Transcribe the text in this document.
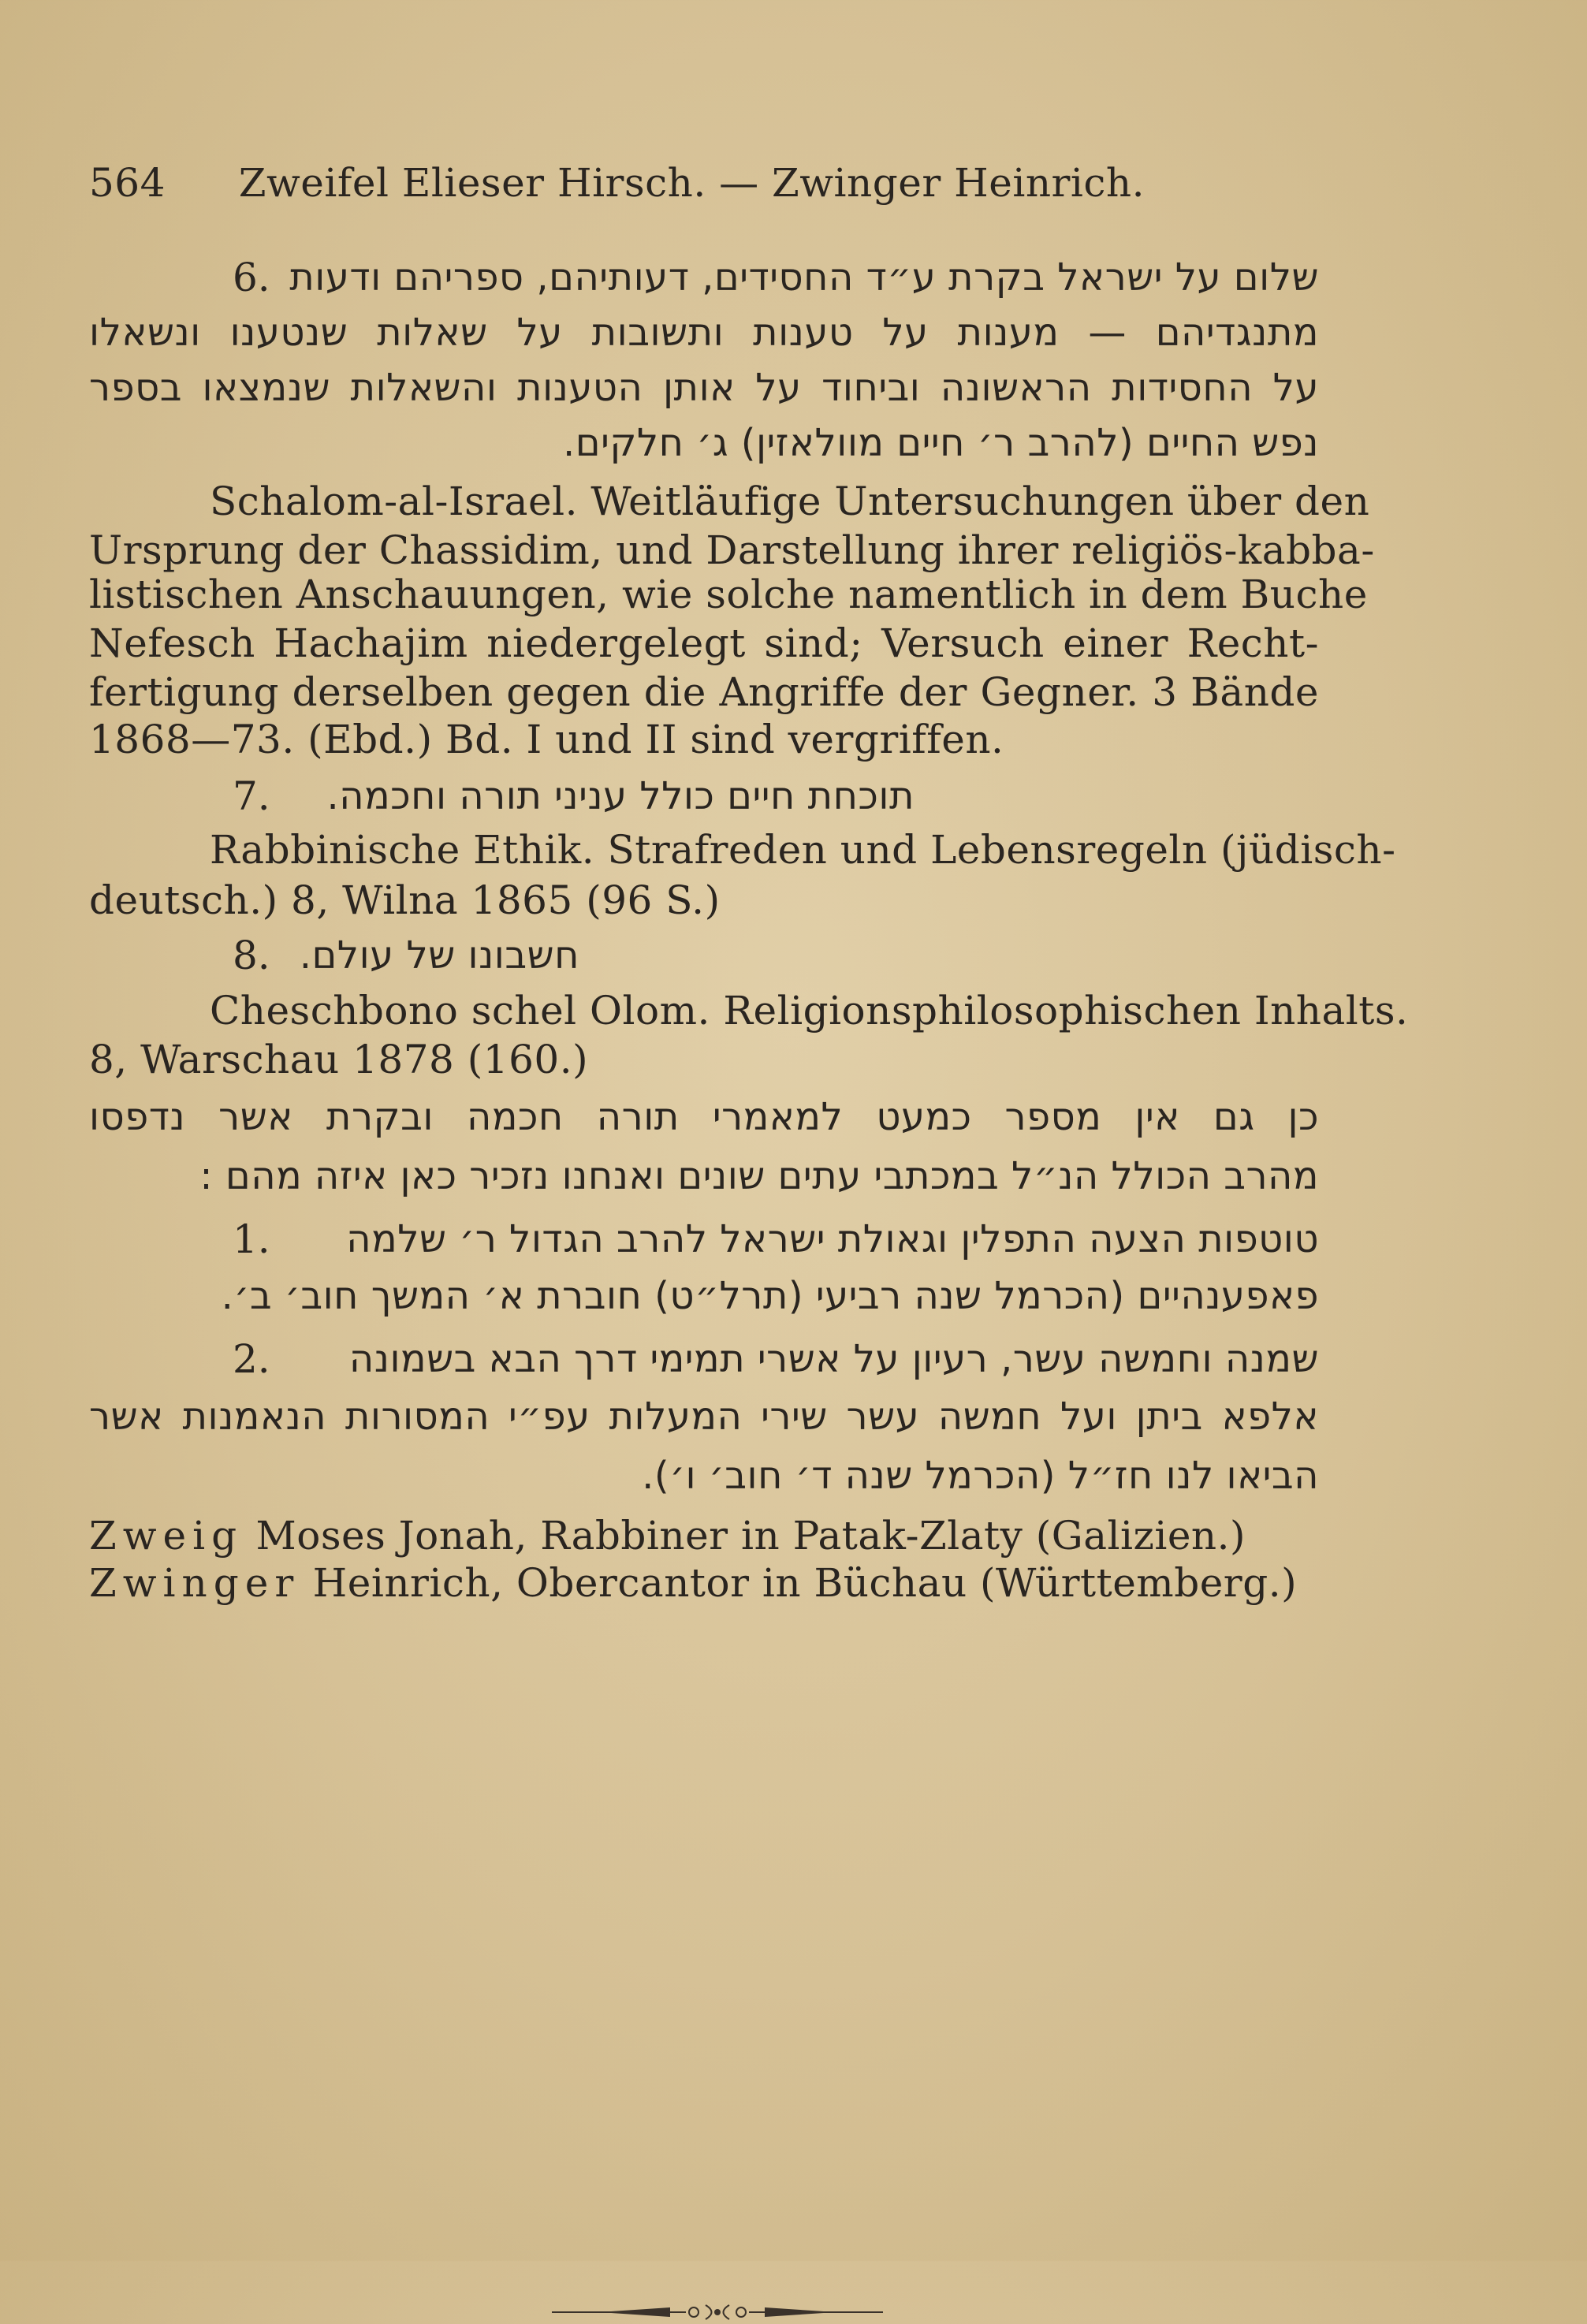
564 Zweifel Elieser Hirsch. — Zwinger Heinrich.
6. שלום על ישראל בקרת ע״ד החסידים, דעותיהם, ספריהם ודעות
מתנגדיהם — מענות על טענות ותשובות על שאלות שנטענו ונשאלו
על החסידות הראשונה וביחוד על אותן הטענות והשאלות שנמצאו בספר
נפש החיים (להרב ר׳ חיים מוולאזין) ג׳ חלקים.
Schalom-al-Israel. Weitläufige Untersuchungen über den
Ursprung der Chassidim, und Darstellung ihrer religiös-kabba-
listischen Anschauungen, wie solche namentlich in dem Buche
Nefesch Hachajim niedergelegt sind; Versuch einer Recht-
fertigung derselben gegen die Angriffe der Gegner. 3 Bände
1868—73. (Ebd.) Bd. I und II sind vergriffen.
7.	תוכחת חיים כולל עניני תורה וחכמה.
Rabbinische Ethik. Strafreden und Lebensregeln (jüdisch-
deutsch.) 8, Wilna 1865 (96 S.)
8. חשבונו של עולם.
Cheschbono schel Olom. Religionsphilosophischen Inhalts.
8, Warschau 1878 (160.)
כן גם אין מספר כמעט למאמרי תורה חכמה ובקרת אשר נדפסו
מהרב הכולל הנ״ל במכתבי עתים שונים ואנחנו נזכיר כאן איזה מהם :
1.	טוטפות הצעה התפלין וגאולת ישראל להרב הגדול ר׳ שלמה
פאפענהיים (הכרמל שנה רביעי (תרל״ט) חוברת א׳ המשך חוב׳ ב׳.
2.	שמנה וחמשה עשר, רעיון על אשרי תמימי דרך הבא בשמונה
אלפא ביתן ועל חמשה עשר שירי המעלות עפ״י המסורות הנאמנות אשר
הביאו לנו חז״ל (הכרמל שנה ד׳ חוב׳ ו׳).
Zweig Moses Jonah, Rabbiner in Patak-Zlaty (Galizien.)
Zwinger Heinrich, Obercantor in Büchau (Württemberg.)
